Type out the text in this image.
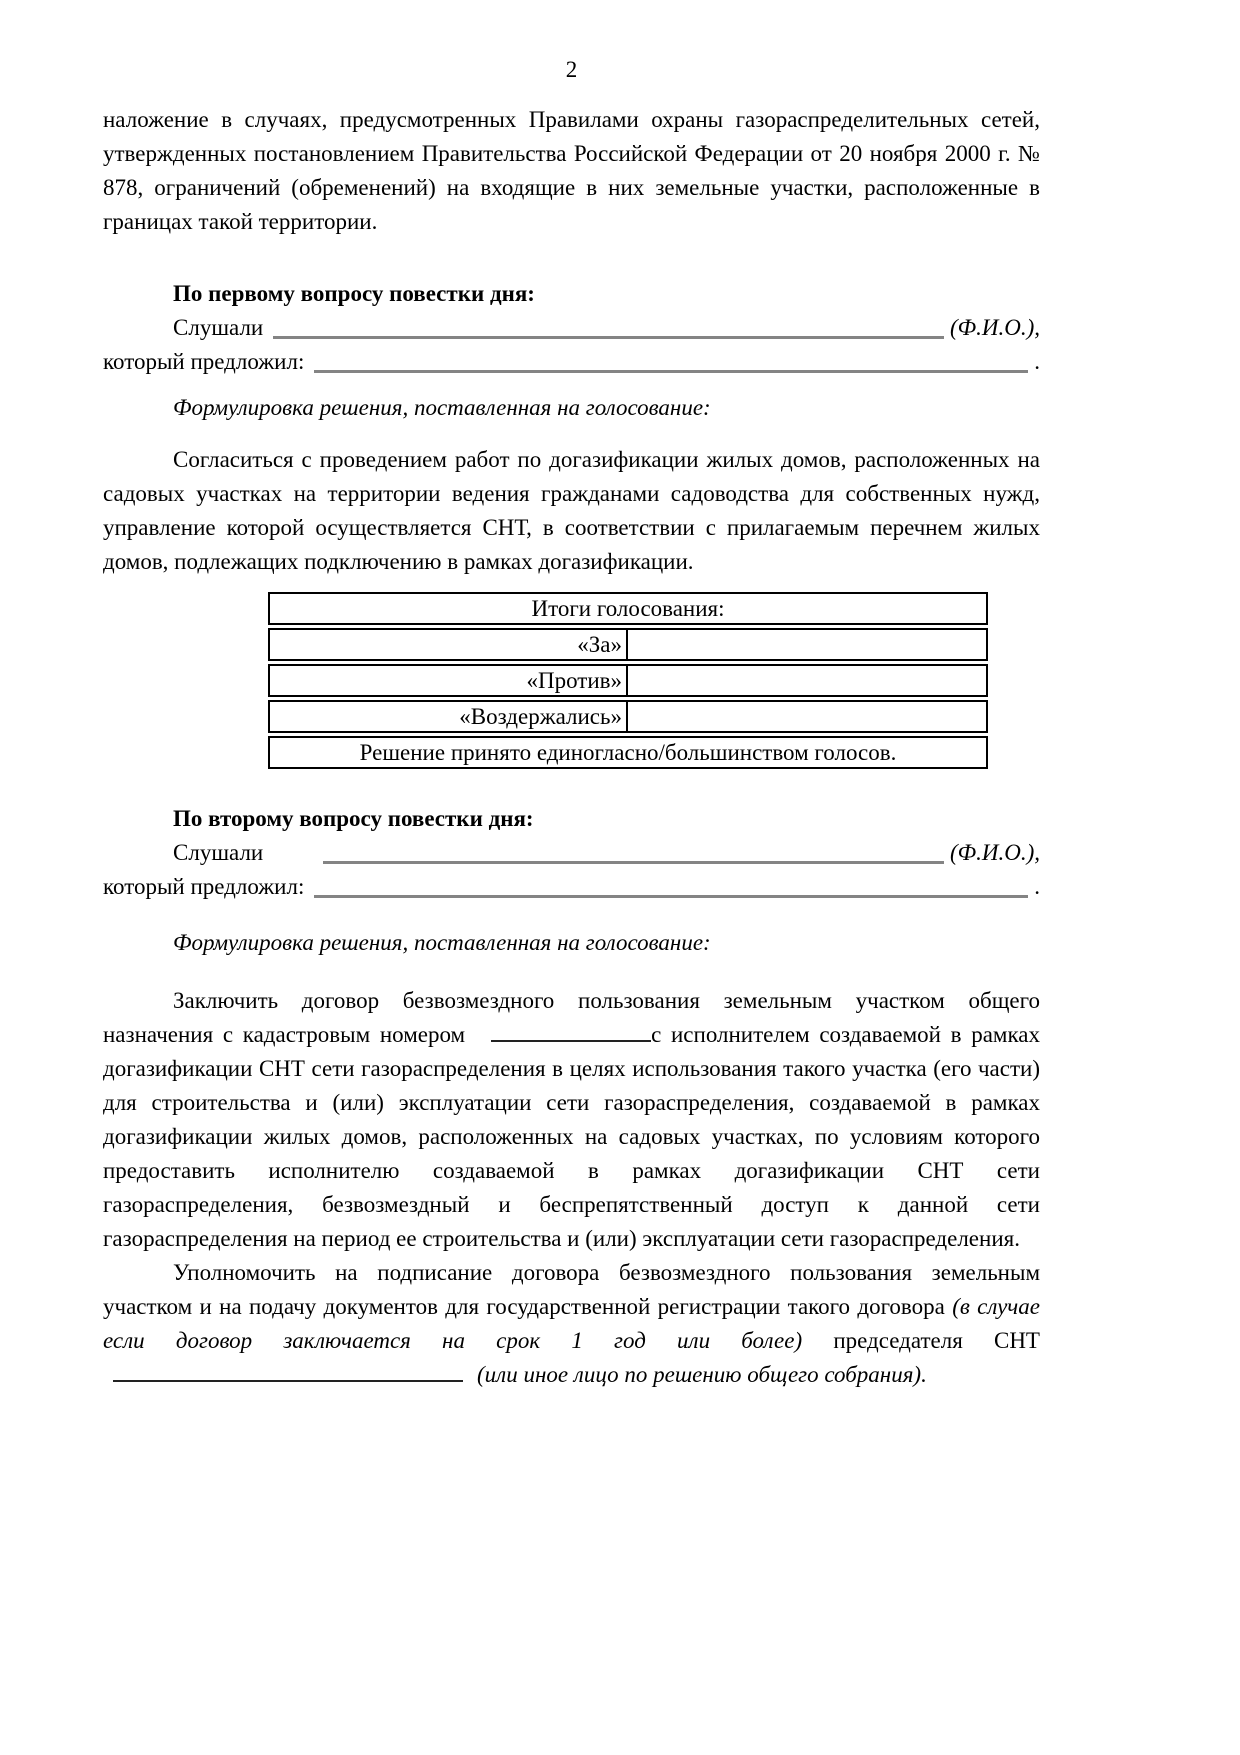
2

наложение в случаях, предусмотренных Правилами охраны газораспределительных сетей, утвержденных постановлением Правительства Российской Федерации от 20 ноября 2000 г. № 878, ограничений (обременений) на входящие в них земельные участки, расположенные в границах такой территории.

По первому вопросу повестки дня:

Слушали	(Ф.И.О.),
который предложил:	.

Формулировка решения, поставленная на голосование:

Согласиться с проведением работ по догазификации жилых домов, расположенных на садовых участках на территории ведения гражданами садоводства для собственных нужд, управление которой осуществляется СНТ, в соответствии с прилагаемым перечнем жилых домов, подлежащих подключению в рамках догазификации.

Итоги голосования:	
«За»	
«Против»	
«Воздержались»	
Решение принято единогласно/большинством голосов.	

По второму вопросу повестки дня:

Слушали	(Ф.И.О.),
который предложил:	.

Формулировка решения, поставленная на голосование:

Заключить договор безвозмездного пользования земельным участком общего назначения с кадастровым номером	с исполнителем создаваемой в рамках догазификации СНТ сети газораспределения в целях использования такого участка (его части) для строительства и (или) эксплуатации сети газораспределения, создаваемой в рамках догазификации жилых домов, расположенных на садовых участках, по условиям которого предоставить исполнителю создаваемой в рамках догазификации СНТ сети газораспределения, безвозмездный и беспрепятственный доступ к данной сети газораспределения на период ее строительства и (или) эксплуатации сети газораспределения.

Уполномочить на подписание договора безвозмездного пользования земельным участком и на подачу документов для государственной регистрации такого договора (в случае если договор заключается на срок 1 год или более) председателя СНТ(или иное лицо по решению общего собрания).
